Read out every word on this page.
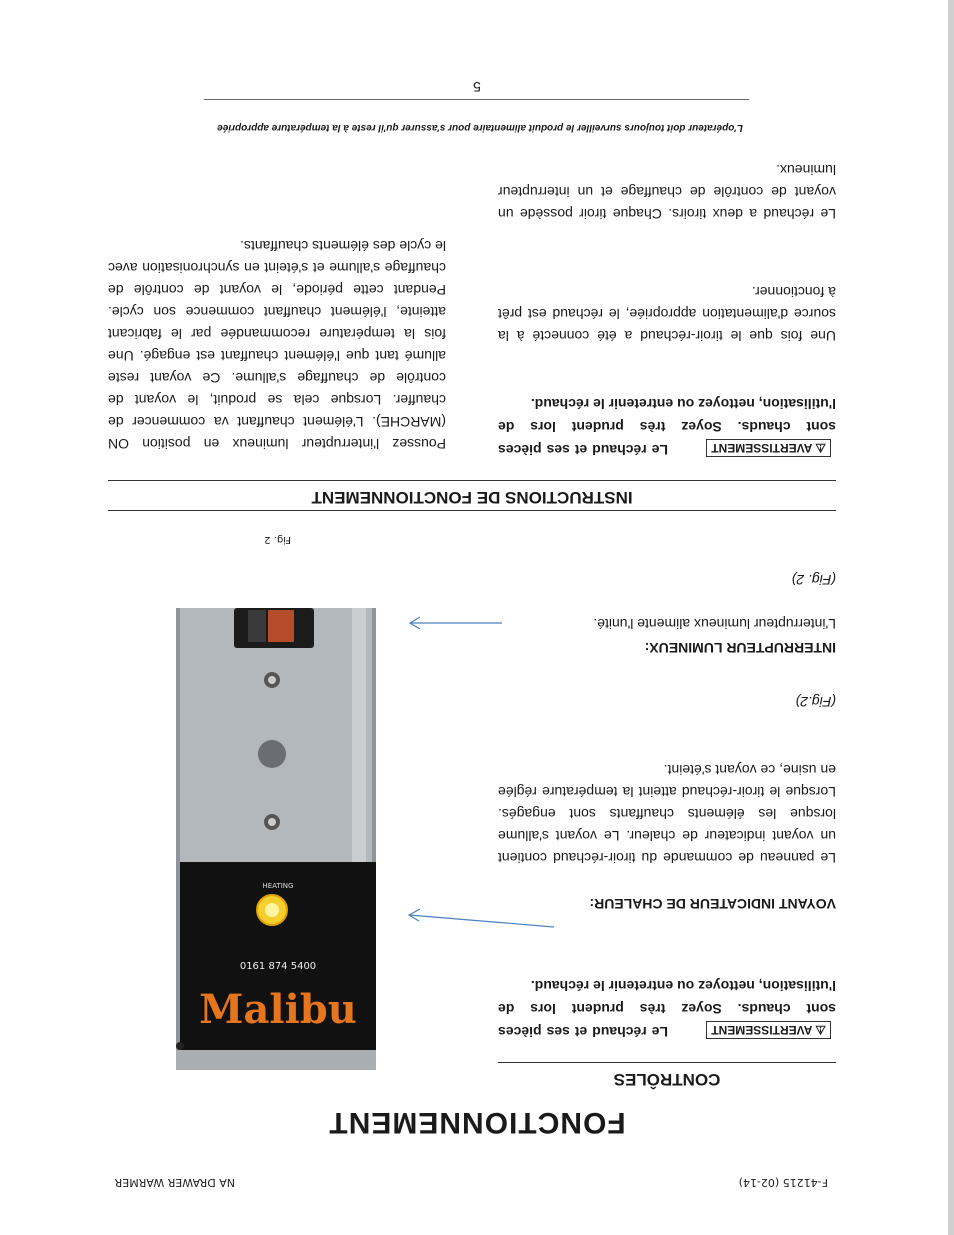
F-41215 (02-14)
NA DRAWER WARMER
FONCTIONNEMENT
CONTRÔLES
⚠ AVERTISSEMENT
Le réchaud et ses pièces sont chauds. Soyez très prudent lors de l'utilisation, nettoyez ou entretenir le réchaud.
VOYANT INDICATEUR DE CHALEUR:
Le panneau de commande du tiroir-réchaud contient un voyant indicateur de chaleur. Le voyant s'allume lorsque les éléments chauffants sont engagés. Lorsque le tiroir-réchaud atteint la température réglée en usine, ce voyant s'éteint.
(Fig.2)
INTERRUPTEUR LUMINEUX:
L'interrupteur lumineux alimente l'unité.
(Fig. 2)
Malibu
0161 874 5400
HEATING
Fig. 2
INSTRUCTIONS DE FONCTIONNEMENT
⚠ AVERTISSEMENT
Le réchaud et ses pièces sont chauds. Soyez très prudent lors de l'utilisation, nettoyez ou entretenir le réchaud.
Une fois que le tiroir-réchaud a été connecté à la source d'alimentation appropriée, le réchaud est prêt à fonctionner.
Le réchaud a deux tiroirs. Chaque tiroir possède un voyant de contrôle de chauffage et un interrupteur lumineux.
Poussez l'interrupteur lumineux en position ON (MARCHE). L'élément chauffant va commencer de chauffer. Lorsque cela se produit, le voyant de contrôle de chauffage s'allume. Ce voyant reste allumé tant que l'élément chauffant est engagé. Une fois la température recommandée par le fabricant atteinte, l'élément chauffant commence son cycle. Pendant cette période, le voyant de contrôle de chauffage s'allume et s'éteint en synchronisation avec le cycle des éléments chauffants.
L'opérateur doit toujours surveiller le produit alimentaire pour s'assurer qu'il reste à la température appropriée
5
